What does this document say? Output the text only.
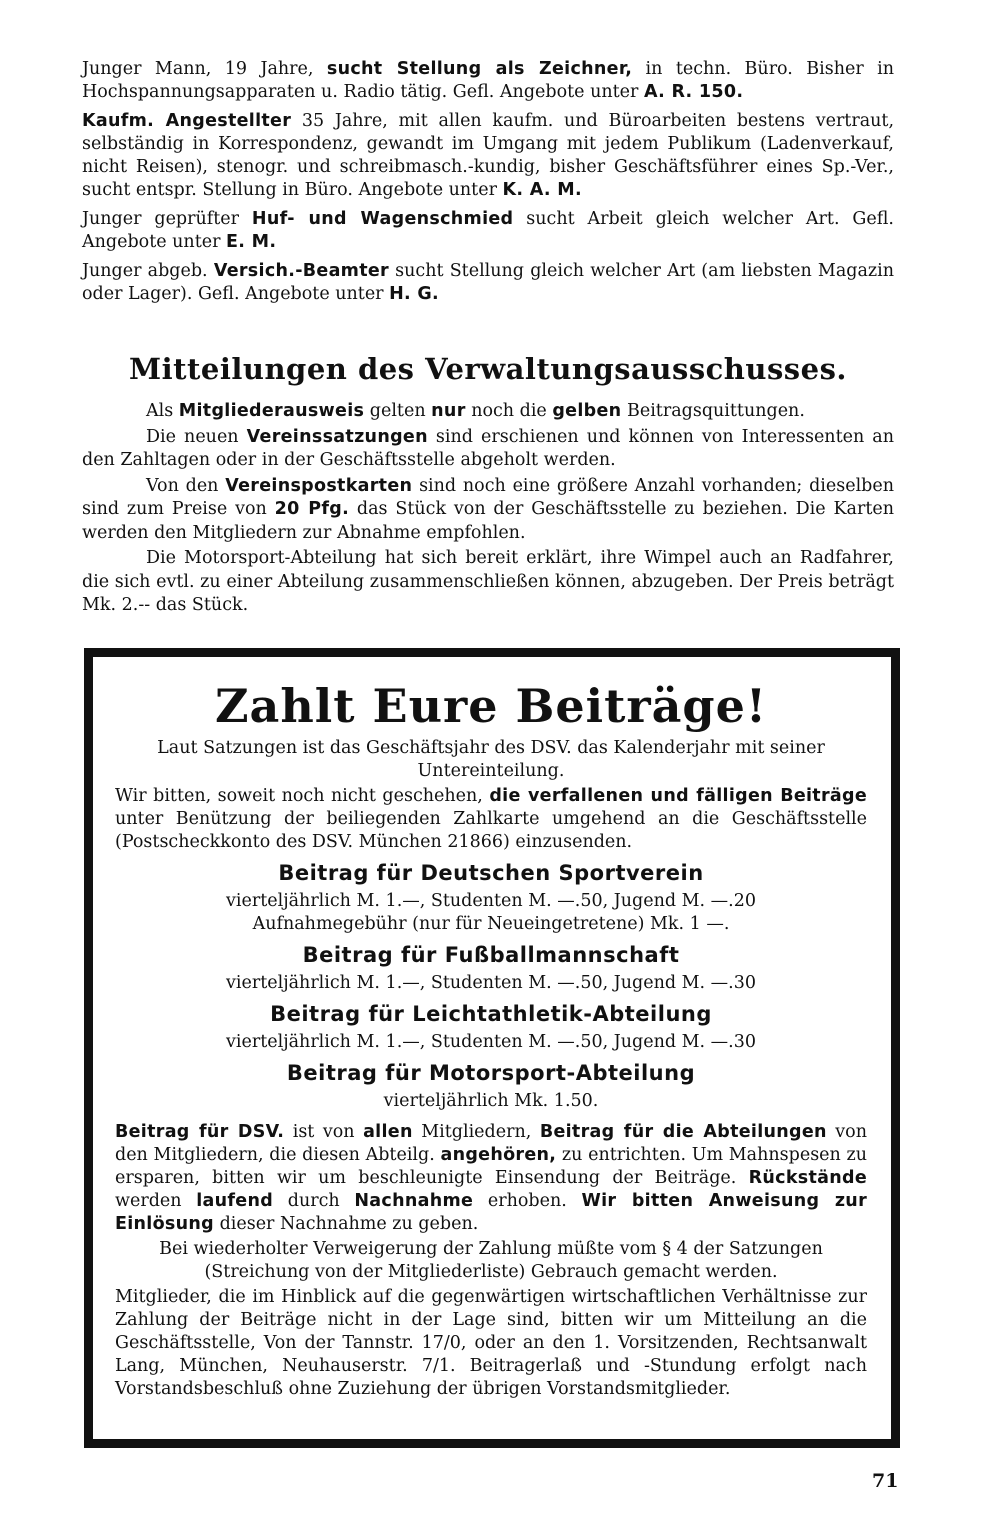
Junger Mann, 19 Jahre, sucht Stellung als Zeichner, in techn. Büro. Bisher in Hochspannungsapparaten u. Radio tätig. Gefl. Angebote unter A. R. 150.

Kaufm. Angestellter 35 Jahre, mit allen kaufm. und Büroarbeiten bestens vertraut, selbständig in Korrespondenz, gewandt im Umgang mit jedem Publikum (Ladenverkauf, nicht Reisen), stenogr. und schreibmasch.-kundig, bisher Geschäftsführer eines Sp.-Ver., sucht entspr. Stellung in Büro. Angebote unter K. A. M.

Junger geprüfter Huf- und Wagenschmied sucht Arbeit gleich welcher Art. Gefl. Angebote unter E. M.

Junger abgeb. Versich.-Beamter sucht Stellung gleich welcher Art (am liebsten Magazin oder Lager). Gefl. Angebote unter H. G.

Mitteilungen des Verwaltungsausschusses.

Als Mitgliederausweis gelten nur noch die gelben Beitragsquittungen.

Die neuen Vereinssatzungen sind erschienen und können von Interessenten an den Zahltagen oder in der Geschäftsstelle abgeholt werden.

Von den Vereinspostkarten sind noch eine größere Anzahl vorhanden; dieselben sind zum Preise von 20 Pfg. das Stück von der Geschäftsstelle zu beziehen. Die Karten werden den Mitgliedern zur Abnahme empfohlen.

Die Motorsport-Abteilung hat sich bereit erklärt, ihre Wimpel auch an Radfahrer, die sich evtl. zu einer Abteilung zusammenschließen können, abzugeben. Der Preis beträgt Mk. 2.-- das Stück.

Zahlt Eure Beiträge!

Laut Satzungen ist das Geschäftsjahr des DSV. das Kalenderjahr mit seiner Untereinteilung.

Wir bitten, soweit noch nicht geschehen, die verfallenen und fälligen Beiträge unter Benützung der beiliegenden Zahlkarte umgehend an die Geschäftsstelle (Postscheckkonto des DSV. München 21866) einzusenden.

Beitrag für Deutschen Sportverein

vierteljährlich M. 1.—, Studenten M. —.50, Jugend M. —.20

Aufnahmegebühr (nur für Neueingetretene) Mk. 1 —.

Beitrag für Fußballmannschaft

vierteljährlich M. 1.—, Studenten M. —.50, Jugend M. —.30

Beitrag für Leichtathletik-Abteilung

vierteljährlich M. 1.—, Studenten M. —.50, Jugend M. —.30

Beitrag für Motorsport-Abteilung

vierteljährlich Mk. 1.50.

Beitrag für DSV. ist von allen Mitgliedern, Beitrag für die Abteilungen von den Mitgliedern, die diesen Abteilg. angehören, zu entrichten. Um Mahnspesen zu ersparen, bitten wir um beschleunigte Einsendung der Beiträge. Rückstände werden laufend durch Nachnahme erhoben. Wir bitten Anweisung zur Einlösung dieser Nachnahme zu geben.

Bei wiederholter Verweigerung der Zahlung müßte vom § 4 der Satzungen (Streichung von der Mitgliederliste) Gebrauch gemacht werden.

Mitglieder, die im Hinblick auf die gegenwärtigen wirtschaftlichen Verhältnisse zur Zahlung der Beiträge nicht in der Lage sind, bitten wir um Mitteilung an die Geschäftsstelle, Von der Tannstr. 17/0, oder an den 1. Vorsitzenden, Rechtsanwalt Lang, München, Neuhauserstr. 7/1. Beitragerlaß und -Stundung erfolgt nach Vorstandsbeschluß ohne Zuziehung der übrigen Vorstandsmitglieder.

71
